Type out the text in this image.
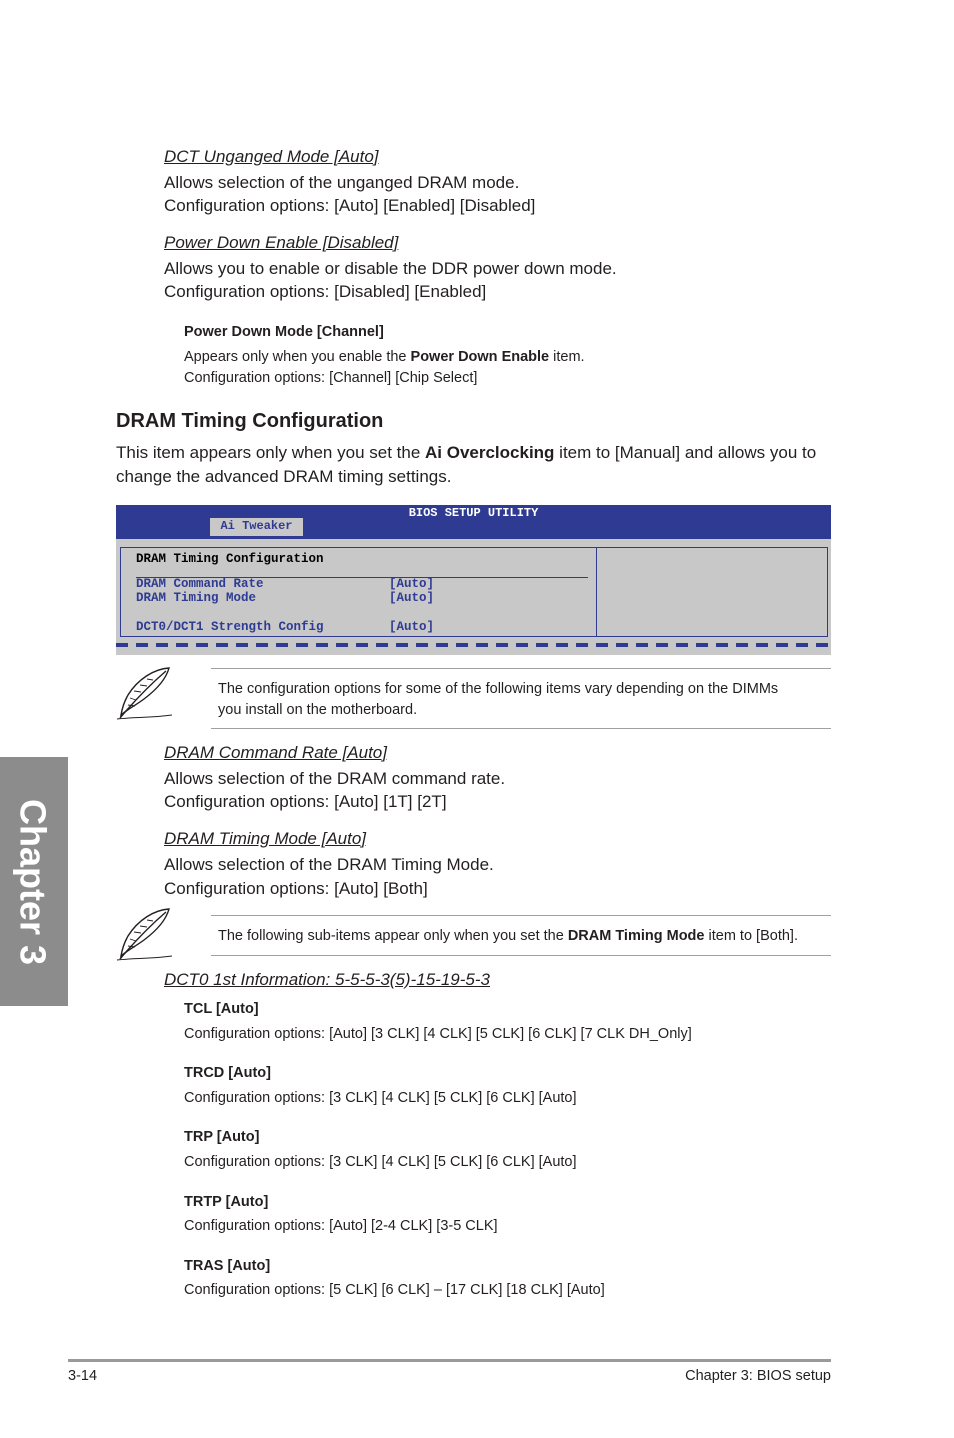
DCT Unganged Mode [Auto]
Allows selection of the unganged DRAM mode.
Configuration options: [Auto] [Enabled] [Disabled]
Power Down Enable [Disabled]
Allows you to enable or disable the DDR power down mode.
Configuration options: [Disabled] [Enabled]
Power Down Mode [Channel]
Appears only when you enable the Power Down Enable item.
Configuration options: [Channel] [Chip Select]
DRAM Timing Configuration
This item appears only when you set the Ai Overclocking item to [Manual] and allows you to
change the advanced DRAM timing settings.
BIOS SETUP UTILITY
Ai Tweaker
DRAM Timing Configuration
DRAM Command Rate	[Auto]
DRAM Timing Mode	[Auto]
DCT0/DCT1 Strength Config	[Auto]
The configuration options for some of the following items vary depending on the DIMMs
you install on the motherboard.
DRAM Command Rate [Auto]
Allows selection of the DRAM command rate.
Configuration options: [Auto] [1T] [2T]
DRAM Timing Mode [Auto]
Allows selection of the DRAM Timing Mode.
Configuration options: [Auto] [Both]
The following sub-items appear only when you set the DRAM Timing Mode item to [Both].
DCT0 1st Information: 5-5-5-3(5)-15-19-5-3
TCL [Auto]
Configuration options: [Auto] [3 CLK] [4 CLK] [5 CLK] [6 CLK] [7 CLK DH_Only]
TRCD [Auto]
Configuration options: [3 CLK] [4 CLK] [5 CLK] [6 CLK] [Auto]
TRP [Auto]
Configuration options: [3 CLK] [4 CLK] [5 CLK] [6 CLK] [Auto]
TRTP [Auto]
Configuration options: [Auto] [2-4 CLK] [3-5 CLK]
TRAS [Auto]
Configuration options: [5 CLK] [6 CLK] – [17 CLK] [18 CLK] [Auto]
Chapter 3
3-14	Chapter 3: BIOS setup
